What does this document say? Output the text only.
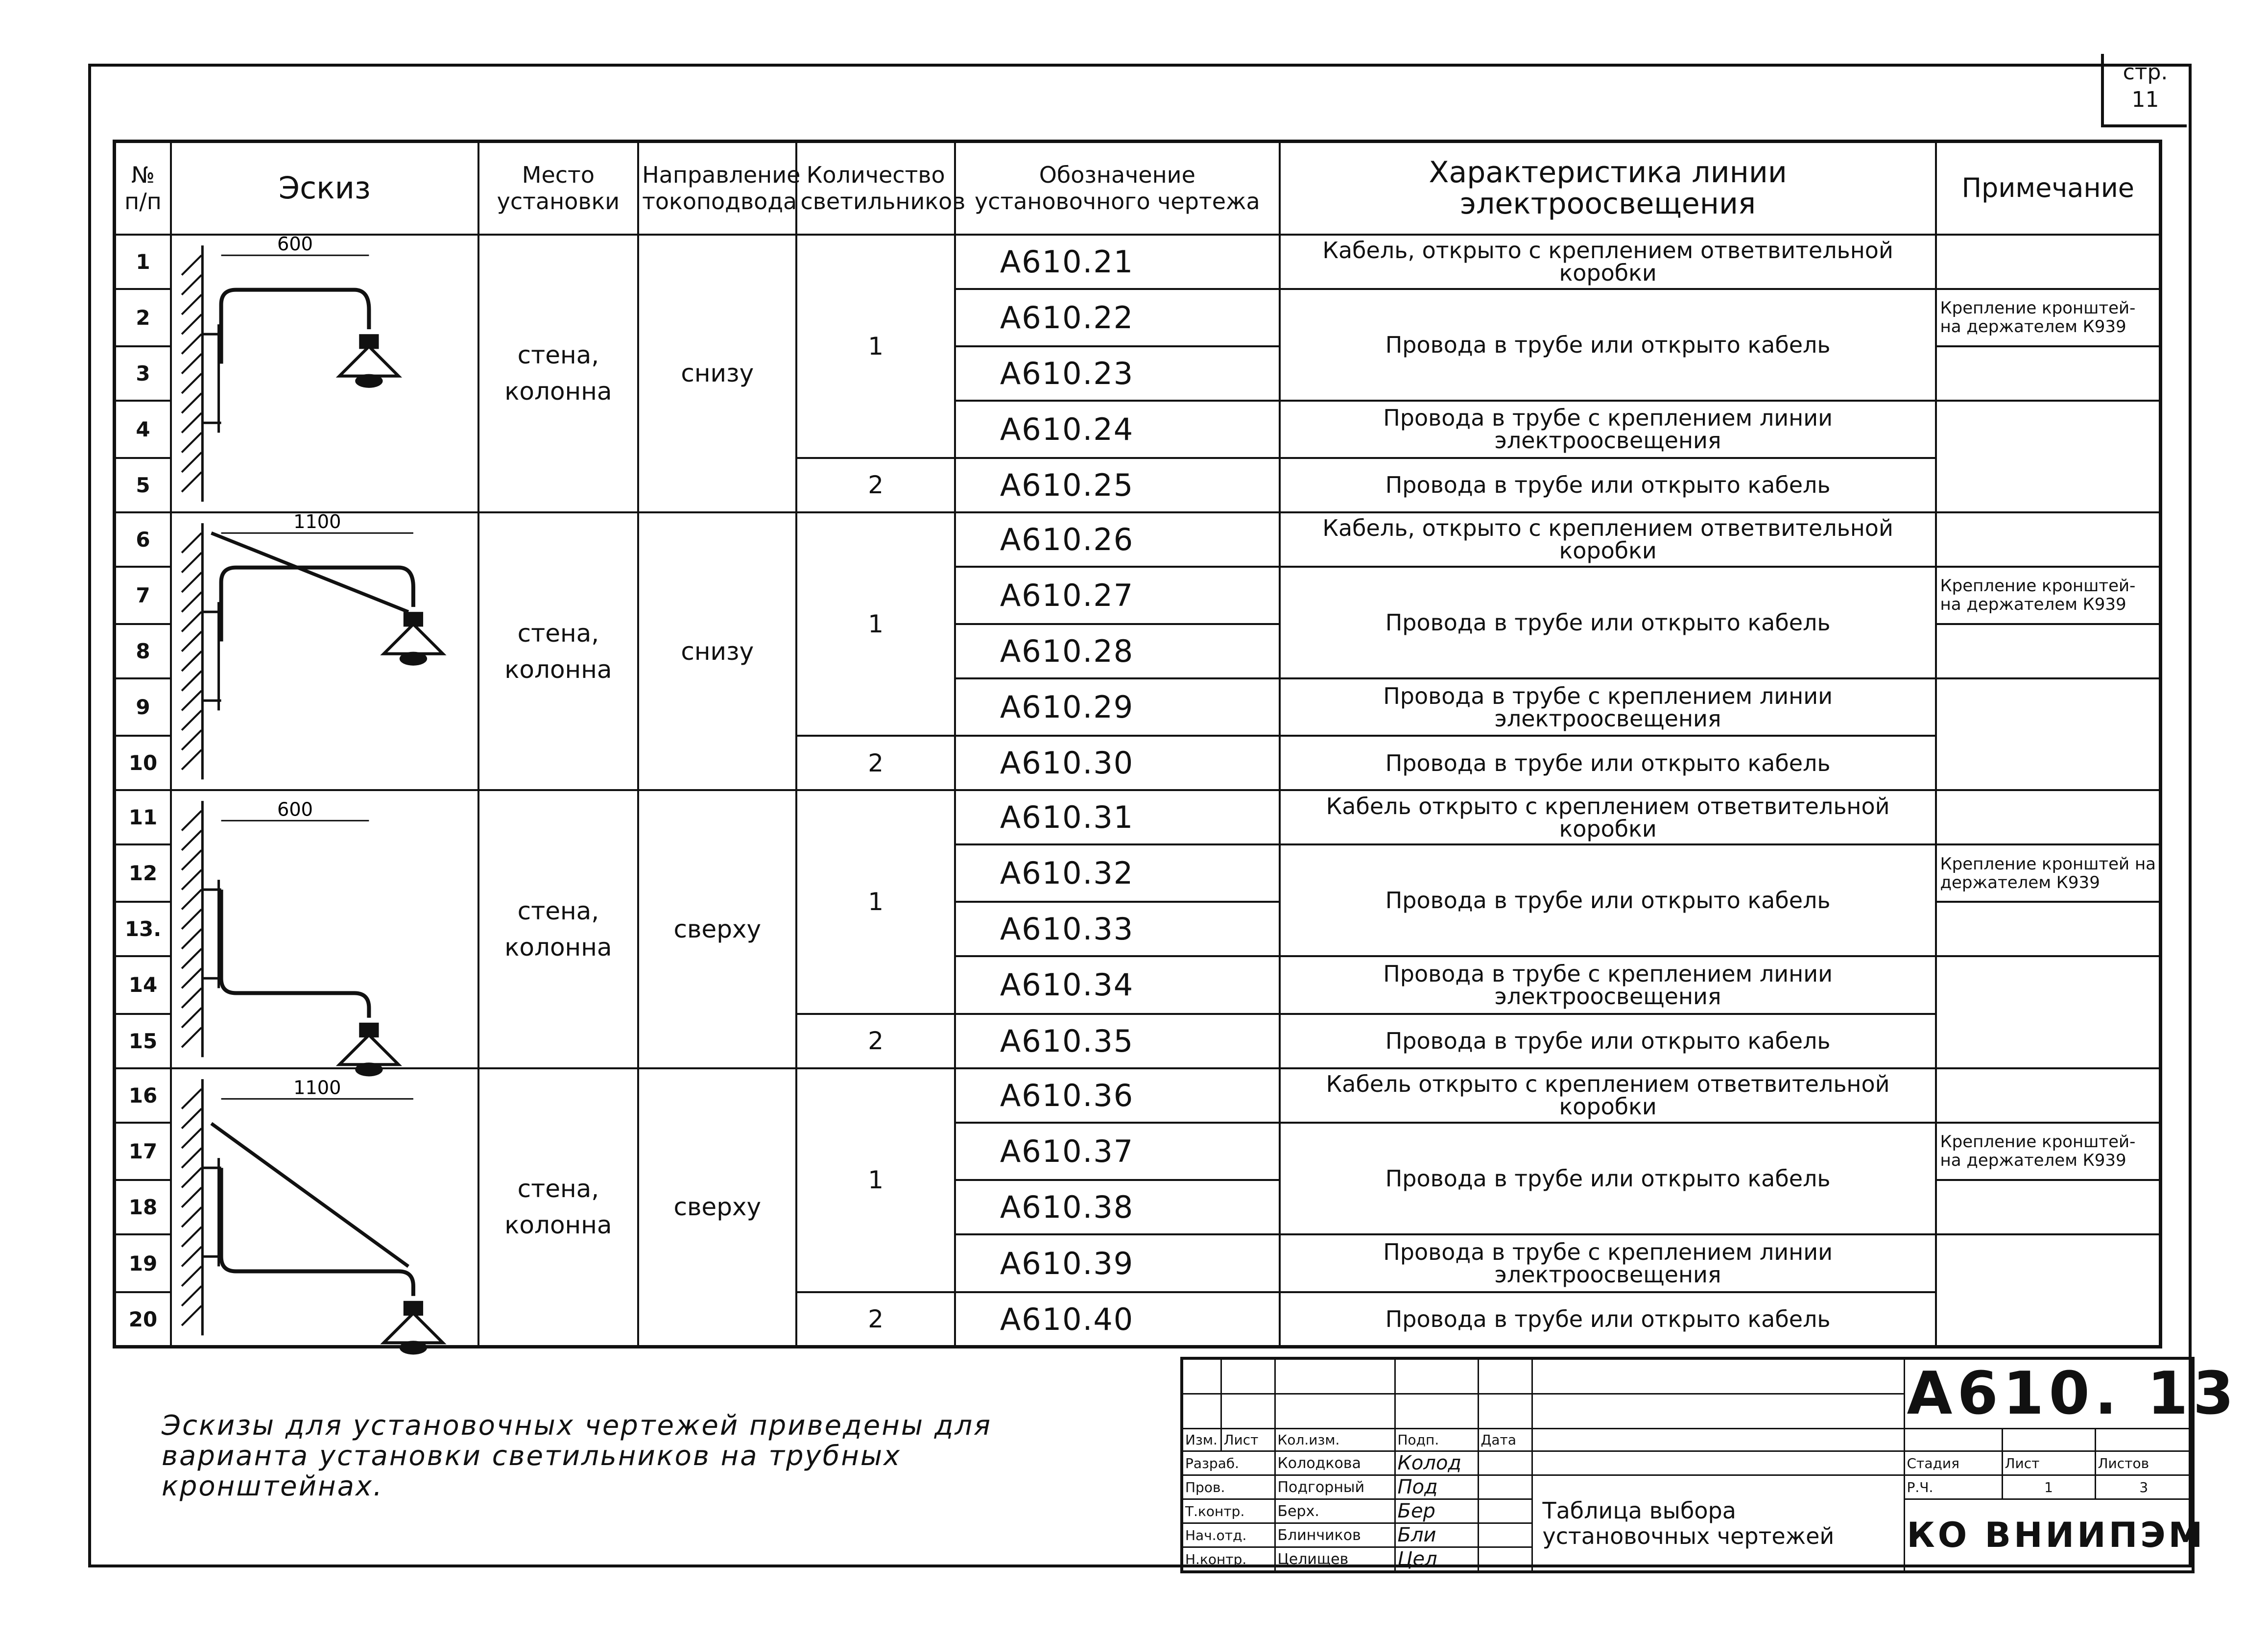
стр.
11
№ п/п	Эскиз	Место установки	Направление токоподвода	Количество светильников	Обозначение установочного чертежа	Характеристика линии электроосвещения	Примечание
1	600	стена, колонна	снизу	1	А610.21	Кабель, открыто с креплением ответвительной коробки	
2					А610.22	Провода в трубе или открыто кабель	Крепление кронштей-на держателем К939
3					А610.23		
4					А610.24	Провода в трубе с креплением линии электроосвещения	
5				2	А610.25	Провода в трубе или открыто кабель	
6	1100	стена, колонна	снизу	1	А610.26	Кабель, открыто с креплением ответвительной коробки	
7					А610.27	Провода в трубе или открыто кабель	Крепление кронштей-на держателем К939
8					А610.28		
9					А610.29	Провода в трубе с креплением линии электроосвещения	
10				2	А610.30	Провода в трубе или открыто кабель	
11	600	стена, колонна	сверху	1	А610.31	Кабель открыто с креплением ответвительной коробки	
12					А610.32	Провода в трубе или открыто кабель	Крепление кронштей на держателем К939
13.					А610.33		
14					А610.34	Провода в трубе с креплением линии электроосвещения	
15				2	А610.35	Провода в трубе или открыто кабель	
16	1100	стена, колонна	сверху	1	А610.36	Кабель открыто с креплением ответвительной коробки	
17					А610.37	Провода в трубе или открыто кабель	Крепление кронштей-на держателем К939
18					А610.38		
19					А610.39	Провода в трубе с креплением линии электроосвещения	
20				2	А610.40	Провода в трубе или открыто кабель	
Эскизы для установочных чертежей приведены для варианта установки светильников на трубных кронштейнах.
						А610. 13		

Изм.	Лист	Кол.изм.	Подп.	Дата				
Разраб.		Колодкова	Колод			Стадия	Лист	Листов
Пров.		Подгорный	Под		Таблица выбора установочных чертежей	Р.Ч.	1	3
Т.контр.		Берх.	Бер			КО ВНИИПЭМ		
Нач.отд.		Блинчиков	Бли					
Н.контр.		Целищев	Цел					
